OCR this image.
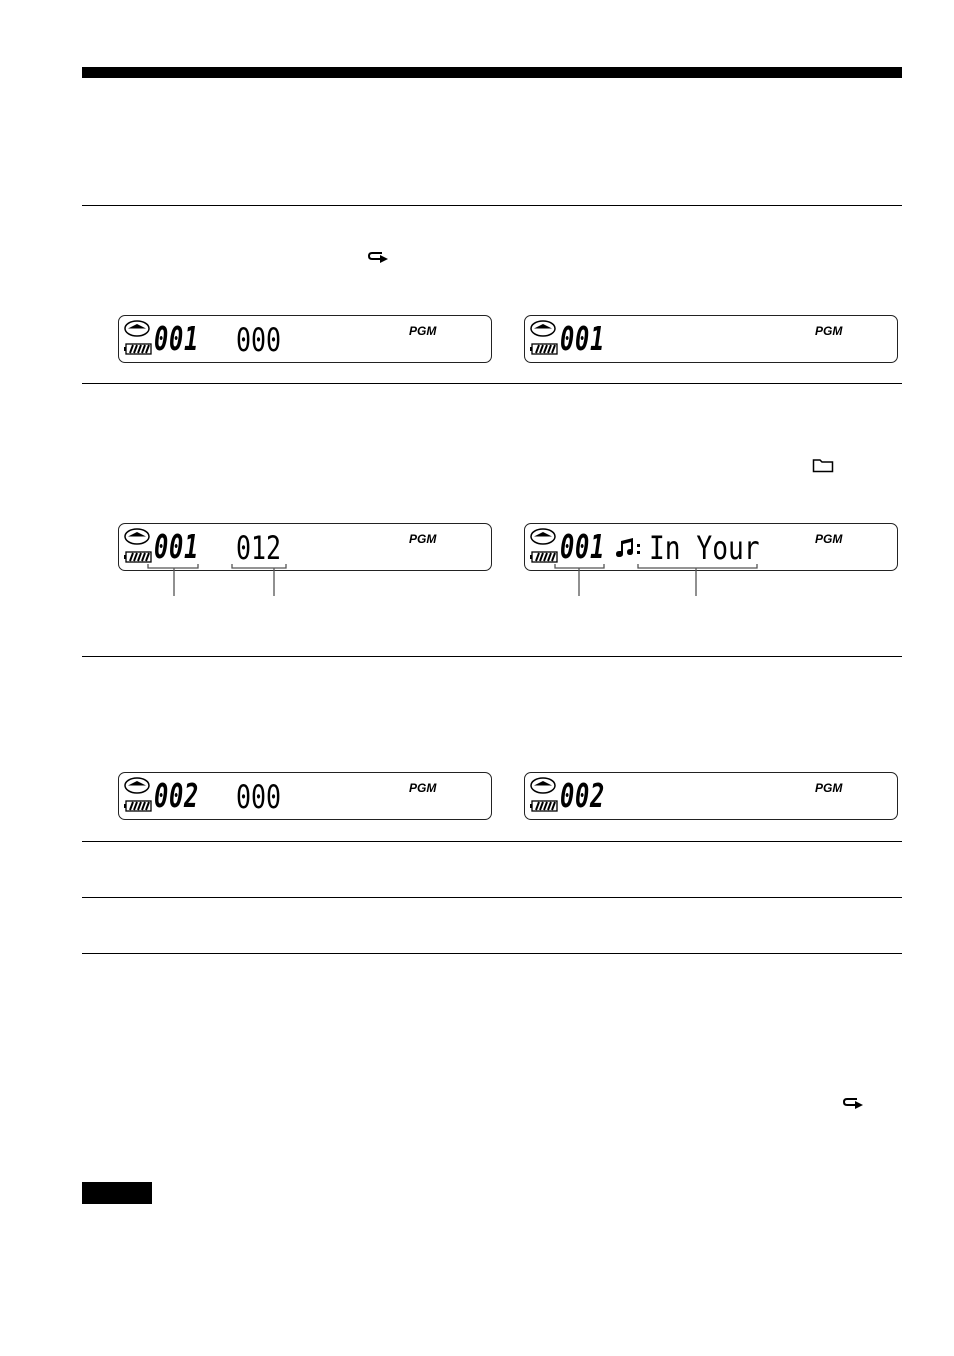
001 000	PGM	001	PGM
001 012	PGM	001 In Your	PGM
002 000	PGM	002	PGM
